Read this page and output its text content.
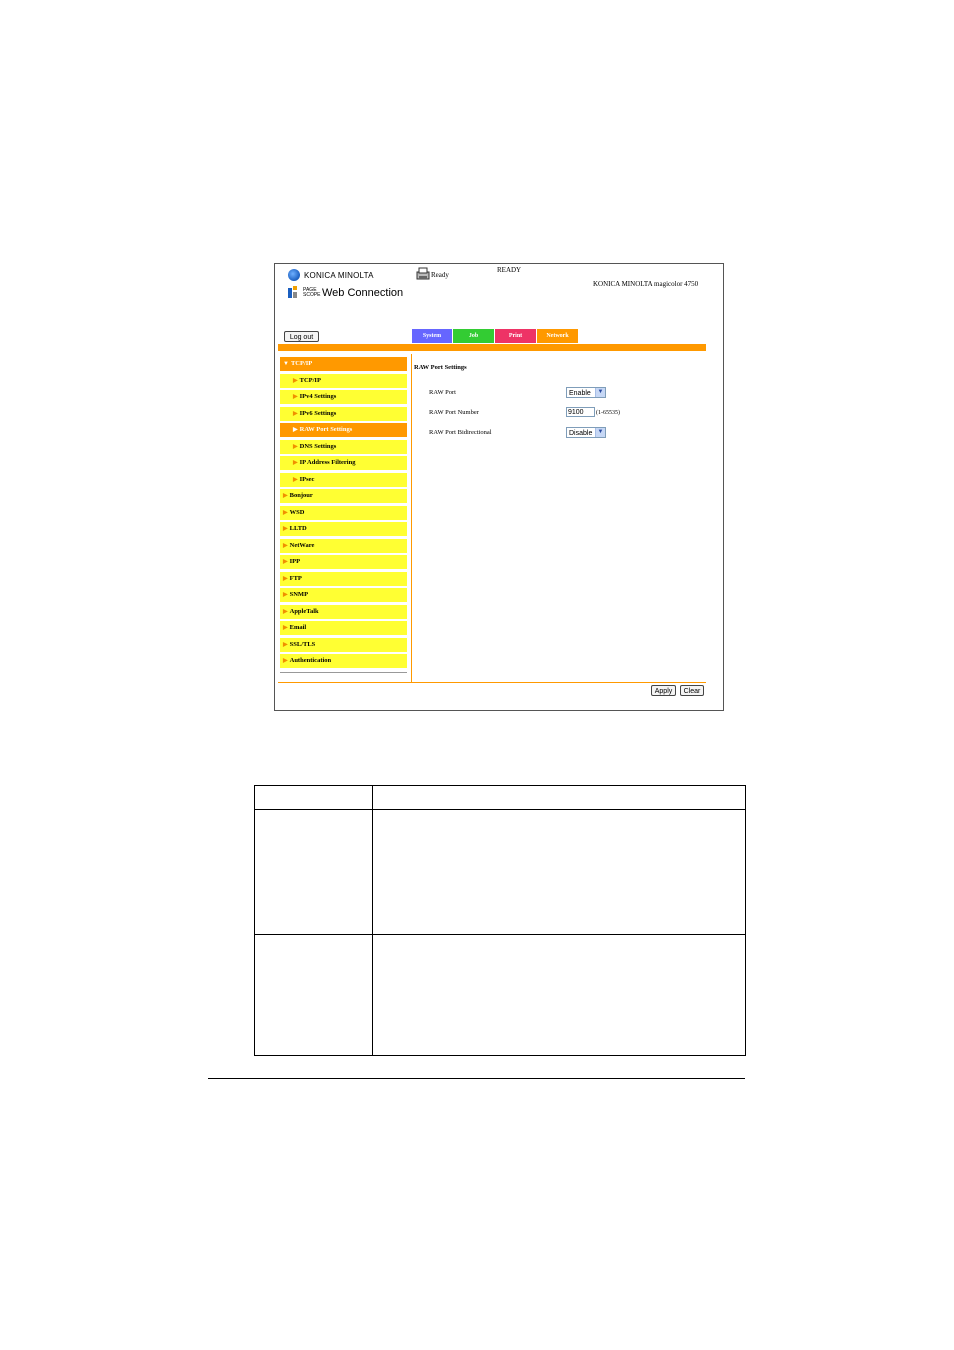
KONICA MINOLTA
PAGE SCOPE Web Connection
Ready
READY
KONICA MINOLTA magicolor 4750
Log out	System	Job	Print	Network
▼ TCP/IP
▶ TCP/IP
▶ IPv4 Settings
▶ IPv6 Settings
▶ RAW Port Settings
▶ DNS Settings
▶ IP Address Filtering
▶ IPsec
▶ Bonjour
▶ WSD
▶ LLTD
▶ NetWare
▶ IPP
▶ FTP
▶ SNMP
▶ AppleTalk
▶ Email
▶ SSL/TLS
▶ Authentication
RAW Port Settings
RAW Port	Enable	▼
RAW Port Number	9100	(1-65535)
RAW Port Bidirectional	Disable ▼
Apply	Clear
